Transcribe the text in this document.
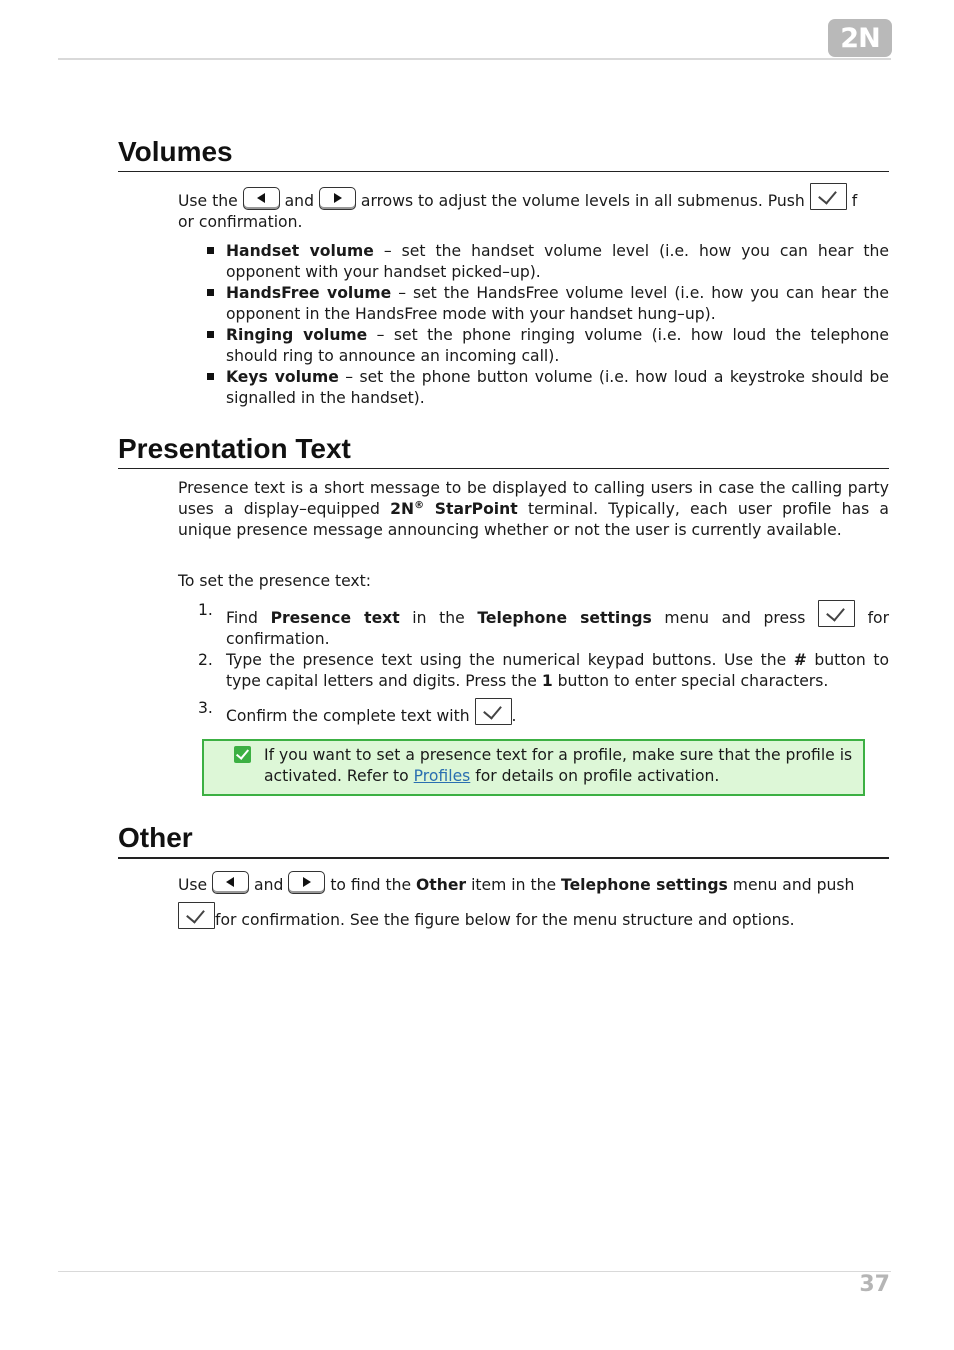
2N
Volumes
Use the	and	arrows to adjust the volume levels in all submenus. Push	f
or confirmation.
Handset volume – set the handset volume level (i.e. how you can hear the opponent with your handset picked–up).
HandsFree volume – set the HandsFree volume level (i.e. how you can hear the opponent in the HandsFree mode with your handset hung–up).
Ringing volume – set the phone ringing volume (i.e. how loud the telephone should ring to announce an incoming call).
Keys volume – set the phone button volume (i.e. how loud a keystroke should be signalled in the handset).
Presentation Text
Presence text is a short message to be displayed to calling users in case the calling party uses a display–equipped 2N® StarPoint terminal. Typically, each user profile has a unique presence message announcing whether or not the user is currently available.
To set the presence text:
1. Find Presence text in the Telephone settings menu and press
for confirmation.
2. Type the presence text using the numerical keypad buttons. Use the # button to type capital letters and digits. Press the 1 button to enter special characters.
3. Confirm the complete text with
.
If you want to set a presence text for a profile, make sure that the profile is activated. Refer to Profiles for details on profile activation.
Other
Use
and
to find the Other item in the Telephone settings menu and push

for confirmation. See the figure below for the menu structure and options.
37
